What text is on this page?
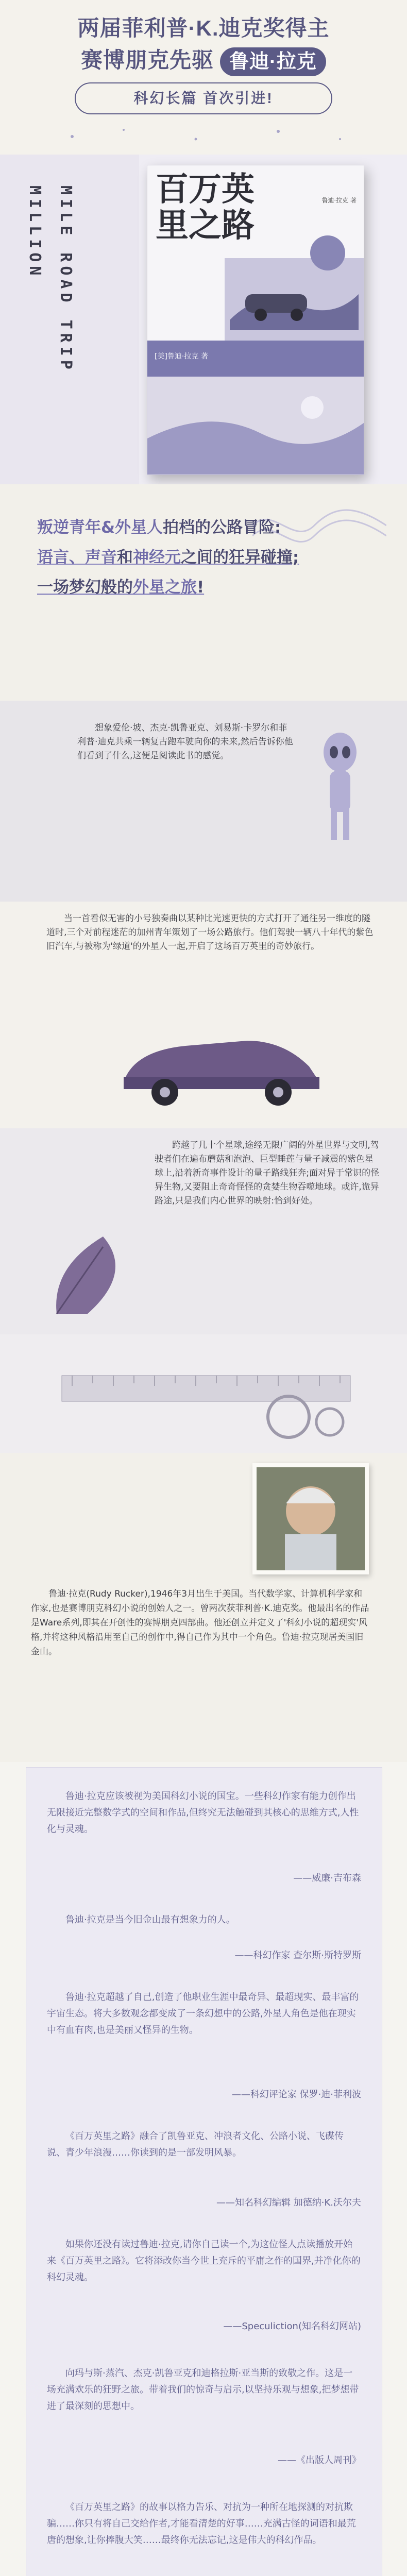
两届菲利普·K.迪克奖得主
赛博朋克先驱 鲁迪·拉克
科幻长篇 首次引进!
MILLION MILE ROAD TRIP 百万英里之路
鲁迪·拉克 著
[美]鲁迪·拉克 著
叛逆青年&外星人拍档的公路冒险:
语言、声音和神经元之间的狂异碰撞;
一场梦幻般的外星之旅!
想象爱伦·坡、杰克·凯鲁亚克、刘易斯·卡罗尔和菲利普·迪克共乘一辆复古跑车驶向你的未来,然后告诉你他们看到了什么,这便是阅读此书的感觉。
当一首看似无害的小号独奏曲以某种比光速更快的方式打开了通往另一维度的隧道时,三个对前程迷茫的加州青年策划了一场公路旅行。他们驾驶一辆八十年代的紫色旧汽车,与被称为'绿道'的外星人一起,开启了这场百万英里的奇妙旅行。
跨越了几十个星球,途经无限广阔的外星世界与文明,驾驶者们在遍布蘑菇和泡泡、巨型睡莲与量子减震的紫色星球上,沿着新奇事件设计的量子路线狂奔;面对异于常识的怪异生物,又要阻止奇奇怪怪的贪婪生物吞噬地球。或许,诡异路途,只是我们内心世界的映射:恰到好处。
鲁迪·拉克(Rudy Rucker),1946年3月出生于美国。当代数学家、计算机科学家和作家,也是赛博朋克科幻小说的创始人之一。曾两次获菲利普·K.迪克奖。他最出名的作品是Ware系列,即其在开创性的赛博朋克四部曲。他还创立并定义了'科幻小说的超现实'风格,并将这种风格沿用至自己的创作中,得自己作为其中一个角色。鲁迪·拉克现居美国旧金山。
鲁迪·拉克应该被视为美国科幻小说的国宝。一些科幻作家有能力创作出无限接近完整数学式的空间和作品,但终究无法触碰到其核心的思维方式,人性化与灵魂。
——威廉·吉布森
鲁迪·拉克是当今旧金山最有想象力的人。
——科幻作家 查尔斯·斯特罗斯
鲁迪·拉克超越了自己,创造了他职业生涯中最奇异、最超现实、最丰富的宇宙生态。将大多数观念都变成了一条幻想中的公路,外星人角色是他在现实中有血有肉,也是美丽又怪异的生物。
——科幻评论家 保罗·迪·菲利波
《百万英里之路》融合了凯鲁亚克、冲浪者文化、公路小说、飞碟传说、青少年浪漫……你读到的是一部发明风暴。
——知名科幻编辑 加德纳·K.沃尔夫
如果你还没有读过鲁迪·拉克,请你自己读一个,为这位怪人点读播放开始来《百万英里之路》。它将添改你当今世上充斥的平庸之作的国界,并净化你的科幻灵魂。
——Speculiction(知名科幻网站)
向玛与斯·蒸汽、杰克·凯鲁亚克和迪格拉斯·亚当斯的致敬之作。这是一场充满欢乐的狂野之旅。带着我们的惊奇与启示,以坚持乐观与想象,把梦想带进了最深刻的思想中。
——《出版人周刊》
《百万英里之路》的故事以格力告乐、对抗为一种所在地探测的对抗欺骗……你只有将自己交给作者,才能看清楚的好事……充满古怪的词语和最荒唐的想象,让你捧腹大笑……最终你无法忘记,这是伟大的科幻作品。
